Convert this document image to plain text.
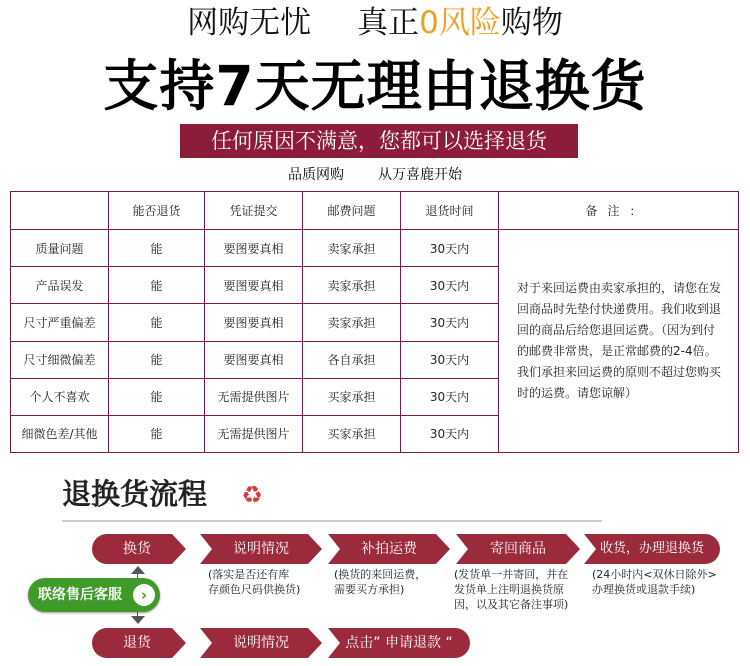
网购无忧 真正0风险购物
支持7天无理由退换货
任何原因不满意，您都可以选择退货
品质网购 从万喜鹿开始
	能否退货	凭证提交	邮费问题	退货时间	备注：
质量问题	能	要图要真相	卖家承担	30天内	对于来回运费由卖家承担的，请您在发回商品时先垫付快递费用。我们收到退回的商品后给您退回运费。（因为到付的邮费非常贵，是正常邮费的2-4倍。我们承担来回运费的原则不超过您购买时的运费。请您谅解）
产品误发	能	要图要真相	卖家承担	30天内	
尺寸严重偏差	能	要图要真相	卖家承担	30天内	
尺寸细微偏差	能	要图要真相	各自承担	30天内	
个人不喜欢	能	无需提供图片	买家承担	30天内	
细微色差/其他	能	无需提供图片	买家承担	30天内	
退换货流程 ♻
换货	说明情况	补拍运费	寄回商品	收货，办理退换货
(落实是否还有库
存颜色尺码供换货)
(换货的来回运费，
需要买方承担)
(发货单一并寄回，并在
发货单上注明退换货原
因，以及其它备注事项)
(24小时内<双休日除外>
办理换货或退款手续)
联络售后客服	›
退货	说明情况	点击” 申请退款 “
